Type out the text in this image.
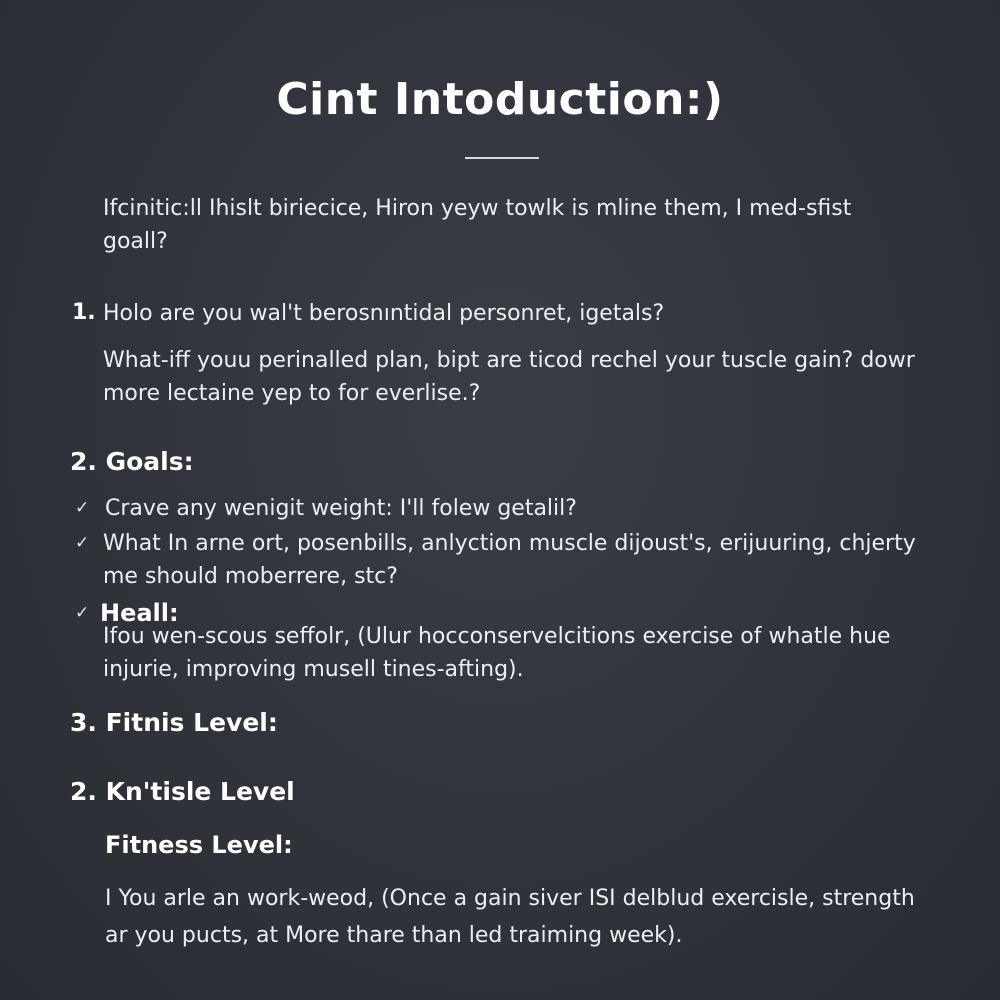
Cint Intoduction:)

Ifcinitic:ll Ihislt biriecice, Hiron yeyw towlk is mline them, I med-sfist goall?

1. Holo are you wal't berosnıntidal personret, igetals?

What-iff youu perinalled plan, bipt are ticod rechel your tuscle gain? dowr more lectaine yep to for everlise.?

2. Goals:
✓ Crave any wenigit weight: I'll folew getalil?

✓ What In arne ort, posenbills, anlyction muscle dijoust's, erijuuring, chjerty me should moberrere, stc?

✓ Heall:

Ifou wen-scous seffolr, (Ulur hocconservelcitions exercise of whatle hue injurie, improving musell tines-afting).

3. Fitnis Level:
2. Kn'tisle Level
Fitness Level:

I You arle an work-weod, (Once a gain siver ISI delblud exercisle, strength ar you pucts, at More thare than led traiming week).
